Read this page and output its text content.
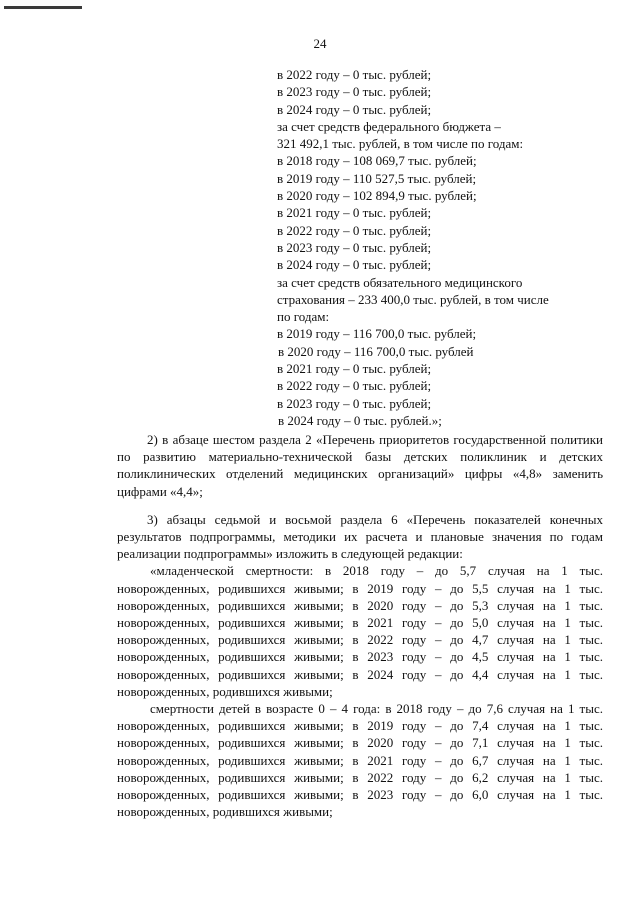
24
в 2022 году – 0 тыс. рублей;
в 2023 году – 0 тыс. рублей;
в 2024 году – 0 тыс. рублей;
за счет средств федерального бюджета –
321 492,1 тыс. рублей, в том числе по годам:
в 2018 году – 108 069,7 тыс. рублей;
в 2019 году – 110 527,5 тыс. рублей;
в 2020 году – 102 894,9 тыс. рублей;
в 2021 году – 0 тыс. рублей;
в 2022 году – 0 тыс. рублей;
в 2023 году – 0 тыс. рублей;
в 2024 году – 0 тыс. рублей;
за счет средств обязательного медицинского
страхования – 233 400,0 тыс. рублей, в том числе
по годам:
в 2019 году – 116 700,0 тыс. рублей;
в 2020 году – 116 700,0 тыс. рублей
в 2021 году – 0 тыс. рублей;
в 2022 году – 0 тыс. рублей;
в 2023 году – 0 тыс. рублей;
в 2024 году – 0 тыс. рублей.»;

2) в абзаце шестом раздела 2 «Перечень приоритетов государственной политики по развитию материально-технической базы детских поликлиник и детских поликлинических отделений медицинских организаций» цифры «4,8» заменить цифрами «4,4»;

3) абзацы седьмой и восьмой раздела 6 «Перечень показателей конечных результатов подпрограммы, методики их расчета и плановые значения по годам реализации подпрограммы» изложить в следующей редакции:

«младенческой смертности: в 2018 году – до 5,7 случая на 1 тыс. новорожденных, родившихся живыми; в 2019 году – до 5,5 случая на 1 тыс. новорожденных, родившихся живыми; в 2020 году – до 5,3 случая на 1 тыс. новорожденных, родившихся живыми; в 2021 году – до 5,0 случая на 1 тыс. новорожденных, родившихся живыми; в 2022 году – до 4,7 случая на 1 тыс. новорожденных, родившихся живыми; в 2023 году – до 4,5 случая на 1 тыс. новорожденных, родившихся живыми; в 2024 году – до 4,4 случая на 1 тыс. новорожденных, родившихся живыми;

смертности детей в возрасте 0 – 4 года: в 2018 году – до 7,6 случая на 1 тыс. новорожденных, родившихся живыми; в 2019 году – до 7,4 случая на 1 тыс. новорожденных, родившихся живыми; в 2020 году – до 7,1 случая на 1 тыс. новорожденных, родившихся живыми; в 2021 году – до 6,7 случая на 1 тыс. новорожденных, родившихся живыми; в 2022 году – до 6,2 случая на 1 тыс. новорожденных, родившихся живыми; в 2023 году – до 6,0 случая на 1 тыс. новорожденных, родившихся живыми;
